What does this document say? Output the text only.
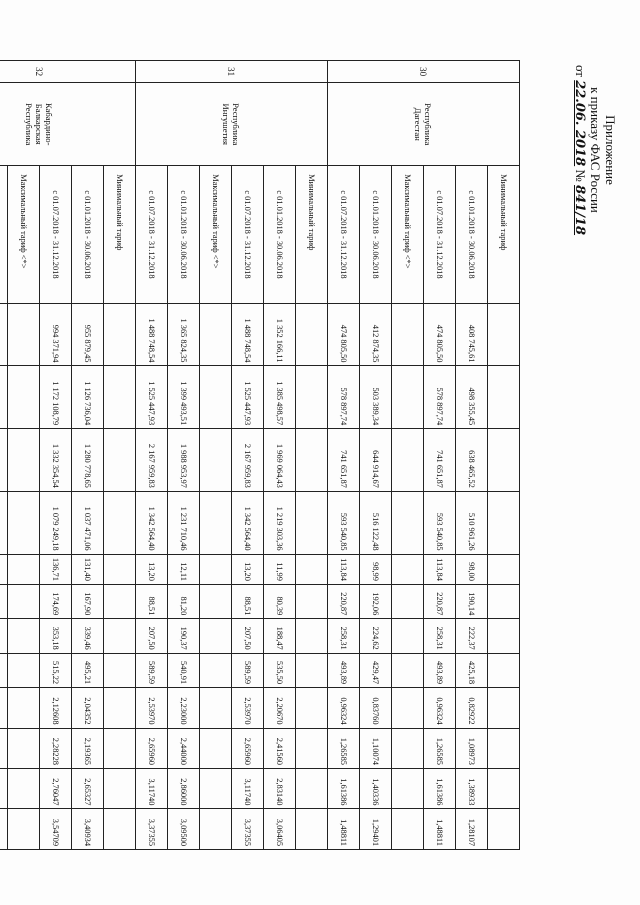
Приложение
к приказу ФАС России
от 22.06. 2018 № 841/18
30	Республика Дагестан	Минимальный тариф												
		с 01.01.2018 - 30.06.2018	408 745,61	498 355,45	638 465,52	510 961,26	98,00	190,14	222,37	425,18	0,82922	1,08973	1,38933	1,28107
		с 01.07.2018 - 31.12.2018	474 805,50	578 897,74	741 651,87	593 540,85	113,84	220,87	258,31	493,89	0,96324	1,26585	1,61386	1,48811
		Максимальный тариф <*>												
		с 01.01.2018 - 30.06.2018	412 874,35	503 389,34	644 914,67	516 122,48	98,99	192,06	224,62	429,47	0,83760	1,10074	1,40336	1,29401
		с 01.07.2018 - 31.12.2018	474 805,50	578 897,74	741 651,87	593 540,85	113,84	220,87	258,31	493,89	0,96324	1,26585	1,61386	1,48811
31	Республика Ингушетия	Минимальный тариф												
		с 01.01.2018 - 30.06.2018	1 352 166,11	1 385 498,57	1 969 064,43	1 219 303,36	11,99	80,39	188,47	535,50	2,20670	2,41560	2,83140	3,06405
		с 01.07.2018 - 31.12.2018	1 488 748,54	1 525 447,93	2 167 959,83	1 342 564,40	13,20	88,51	207,50	589,59	2,53970	2,65960	3,11740	3,37355
		Максимальный тариф <*>												
		с 01.01.2018 - 30.06.2018	1 365 824,35	1 399 493,51	1 988 953,97	1 231 710,46	12,11	81,20	190,37	540,91	2,23000	2,44000	2,86000	3,09500
		с 01.07.2018 - 31.12.2018	1 488 748,54	1 525 447,93	2 167 959,83	1 342 564,40	13,20	88,51	207,50	589,59	2,53970	2,65960	3,11740	3,37355
32	Кабардино-Балкарская Республика	Минимальный тариф												
		с 01.01.2018 - 30.06.2018	955 879,45	1 126 736,04	1 280 778,65	1 037 471,06	131,40	167,90	339,46	495,21	2,04352	2,19365	2,65327	3,40934
		с 01.07.2018 - 31.12.2018	994 371,94	1 172 108,79	1 332 354,54	1 079 249,18	136,71	174,69	353,18	515,22	2,12608	2,28228	2,76047	3,54709
		Максимальный тариф <*>												
